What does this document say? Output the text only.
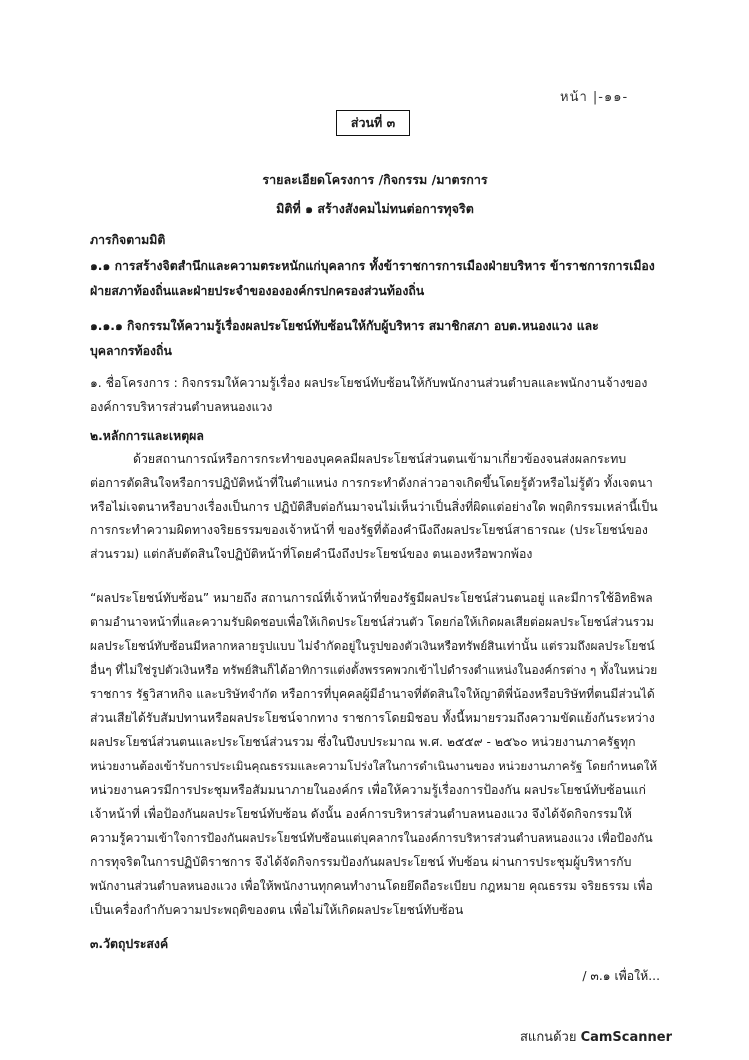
หน้า |-๑๑-
ส่วนที่ ๓
รายละเอียดโครงการ /กิจกรรม /มาตรการ
มิติที่ ๑ สร้างสังคมไม่ทนต่อการทุจริต
ภารกิจตามมิติ
๑.๑ การสร้างจิตสำนึกและความตระหนักแก่บุคลากร ทั้งข้าราชการการเมืองฝ่ายบริหาร ข้าราชการการเมือง
ฝ่ายสภาท้องถิ่นและฝ่ายประจำของององค์กรปกครองส่วนท้องถิ่น
๑.๑.๑ กิจกรรมให้ความรู้เรื่องผลประโยชน์ทับซ้อนให้กับผู้บริหาร สมาชิกสภา อบต.หนองแวง และ
บุคลากรท้องถิ่น
๑. ชื่อโครงการ : กิจกรรมให้ความรู้เรื่อง ผลประโยชน์ทับซ้อนให้กับพนักงานส่วนตำบลและพนักงานจ้างของ
องค์การบริหารส่วนตำบลหนองแวง
๒.หลักการและเหตุผล
ด้วยสถานการณ์หรือการกระทำของบุคคลมีผลประโยชน์ส่วนตนเข้ามาเกี่ยวข้องจนส่งผลกระทบ
ต่อการตัดสินใจหรือการปฏิบัติหน้าที่ในตำแหน่ง การกระทำดังกล่าวอาจเกิดขึ้นโดยรู้ตัวหรือไม่รู้ตัว ทั้งเจตนา
หรือไม่เจตนาหรือบางเรื่องเป็นการ ปฏิบัติสืบต่อกันมาจนไม่เห็นว่าเป็นสิ่งที่ผิดแต่อย่างใด พฤติกรรมเหล่านี้เป็น
การกระทำความผิดทางจริยธรรมของเจ้าหน้าที่ ของรัฐที่ต้องคำนึงถึงผลประโยชน์สาธารณะ (ประโยชน์ของ
ส่วนรวม) แต่กลับตัดสินใจปฏิบัติหน้าที่โดยคำนึงถึงประโยชน์ของ ตนเองหรือพวกพ้อง
“ผลประโยชน์ทับซ้อน” หมายถึง สถานการณ์ที่เจ้าหน้าที่ของรัฐมีผลประโยชน์ส่วนตนอยู่ และมีการใช้อิทธิพล
ตามอำนาจหน้าที่และความรับผิดชอบเพื่อให้เกิดประโยชน์ส่วนตัว โดยก่อให้เกิดผลเสียต่อผลประโยชน์ส่วนรวม
ผลประโยชน์ทับซ้อนมีหลากหลายรูปแบบ ไม่จำกัดอยู่ในรูปของตัวเงินหรือทรัพย์สินเท่านั้น แต่รวมถึงผลประโยชน์
อื่นๆ ที่ไม่ใช่รูปตัวเงินหรือ ทรัพย์สินก็ได้อาทิการแต่งตั้งพรรคพวกเข้าไปดำรงตำแหน่งในองค์กรต่าง ๆ ทั้งในหน่วย
ราชการ รัฐวิสาหกิจ และบริษัทจำกัด หรือการที่บุคคลผู้มีอำนาจที่ตัดสินใจให้ญาติพี่น้องหรือบริษัทที่ตนมีส่วนได้
ส่วนเสียได้รับสัมปทานหรือผลประโยชน์จากทาง ราชการโดยมิชอบ ทั้งนี้หมายรวมถึงความขัดแย้งกันระหว่าง
ผลประโยชน์ส่วนตนและประโยชน์ส่วนรวม ซึ่งในปีงบประมาณ พ.ศ. ๒๕๕๙ - ๒๕๖๐ หน่วยงานภาครัฐทุก
หน่วยงานต้องเข้ารับการประเมินคุณธรรมและความโปร่งใสในการดำเนินงานของ หน่วยงานภาครัฐ โดยกำหนดให้
หน่วยงานควรมีการประชุมหรือสัมมนาภายในองค์กร เพื่อให้ความรู้เรื่องการป้องกัน ผลประโยชน์ทับซ้อนแก่
เจ้าหน้าที่ เพื่อป้องกันผลประโยชน์ทับซ้อน ดังนั้น องค์การบริหารส่วนตำบลหนองแวง จึงได้จัดกิจกรรมให้
ความรู้ความเข้าใจการป้องกันผลประโยชน์ทับซ้อนแต่บุคลากรในองค์การบริหารส่วนตำบลหนองแวง เพื่อป้องกัน
การทุจริตในการปฏิบัติราชการ จึงได้จัดกิจกรรมป้องกันผลประโยชน์ ทับซ้อน ผ่านการประชุมผู้บริหารกับ
พนักงานส่วนตำบลหนองแวง เพื่อให้พนักงานทุกคนทำงานโดยยึดถือระเบียบ กฎหมาย คุณธรรม จริยธรรม เพื่อ
เป็นเครื่องกำกับความประพฤติของตน เพื่อไม่ให้เกิดผลประโยชน์ทับซ้อน
๓.วัตถุประสงค์
/ ๓.๑ เพื่อให้...
สแกนด้วย CamScanner
